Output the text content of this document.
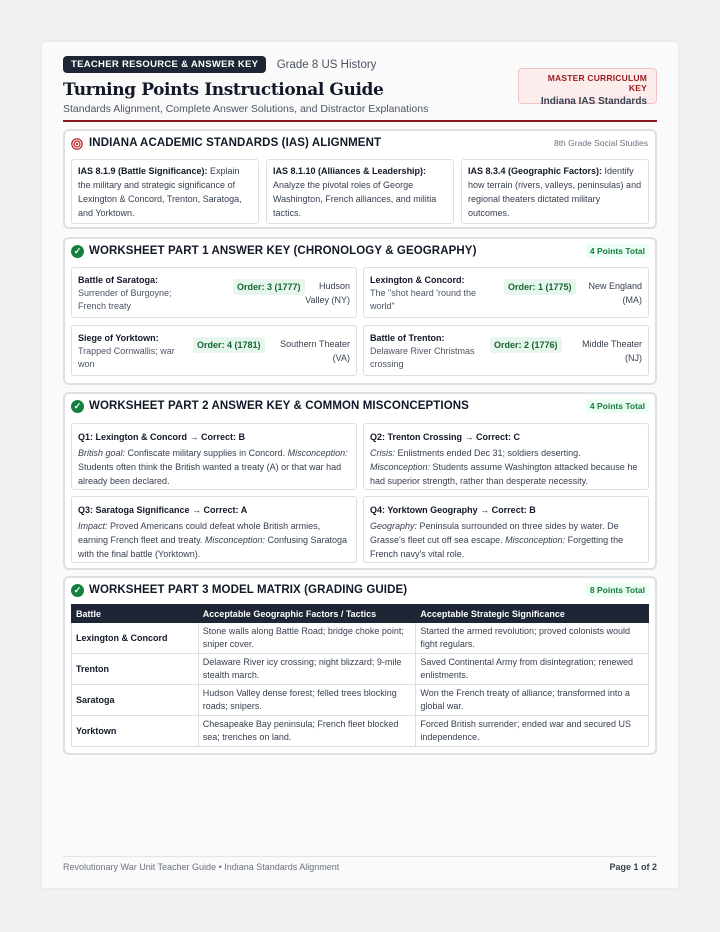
TEACHER RESOURCE & ANSWER KEY Grade 8 US History
Turning Points Instructional Guide
Standards Alignment, Complete Answer Solutions, and Distractor Explanations
MASTER CURRICULUM KEY
Indiana IAS Standards
INDIANA ACADEMIC STANDARDS (IAS) ALIGNMENT	8th Grade Social Studies
IAS 8.1.9 (Battle Significance): Explain the military and strategic significance of Lexington & Concord, Trenton, Saratoga, and Yorktown.
IAS 8.1.10 (Alliances & Leadership): Analyze the pivotal roles of George Washington, French alliances, and militia tactics.
IAS 8.3.4 (Geographic Factors): Identify how terrain (rivers, valleys, peninsulas) and regional theaters dictated military outcomes.
✓ WORKSHEET PART 1 ANSWER KEY (CHRONOLOGY & GEOGRAPHY)	4 Points Total
Battle of Saratoga:
Surrender of Burgoyne; French treaty
Order: 3 (1777)	Hudson
Valley (NY)
Lexington & Concord:
The "shot heard 'round the world"
Order: 1 (1775)	New England
(MA)
Siege of Yorktown:
Trapped Cornwallis; war won
Order: 4 (1781)	Southern Theater
(VA)
Battle of Trenton:
Delaware River Christmas crossing
Order: 2 (1776)	Middle Theater
(NJ)
✓ WORKSHEET PART 2 ANSWER KEY & COMMON MISCONCEPTIONS	4 Points Total
Q1: Lexington & Concord → Correct: B
British goal: Confiscate military supplies in Concord. Misconception: Students often think the British wanted a treaty (A) or that war had already been declared.
Q2: Trenton Crossing → Correct: C
Crisis: Enlistments ended Dec 31; soldiers deserting. Misconception: Students assume Washington attacked because he had superior strength, rather than desperate necessity.
Q3: Saratoga Significance → Correct: A
Impact: Proved Americans could defeat whole British armies, earning French fleet and treaty. Misconception: Confusing Saratoga with the final battle (Yorktown).
Q4: Yorktown Geography → Correct: B
Geography: Peninsula surrounded on three sides by water. De Grasse's fleet cut off sea escape. Misconception: Forgetting the French navy's vital role.
✓ WORKSHEET PART 3 MODEL MATRIX (GRADING GUIDE)	8 Points Total
Battle	Acceptable Geographic Factors / Tactics	Acceptable Strategic Significance
Lexington & Concord	Stone walls along Battle Road; bridge choke point; sniper cover.	Started the armed revolution; proved colonists would fight regulars.
Trenton	Delaware River icy crossing; night blizzard; 9-mile stealth march.	Saved Continental Army from disintegration; renewed enlistments.
Saratoga	Hudson Valley dense forest; felled trees blocking roads; snipers.	Won the French treaty of alliance; transformed into a global war.
Yorktown	Chesapeake Bay peninsula; French fleet blocked sea; trenches on land.	Forced British surrender; ended war and secured US independence.
Revolutionary War Unit Teacher Guide • Indiana Standards Alignment	Page 1 of 2
